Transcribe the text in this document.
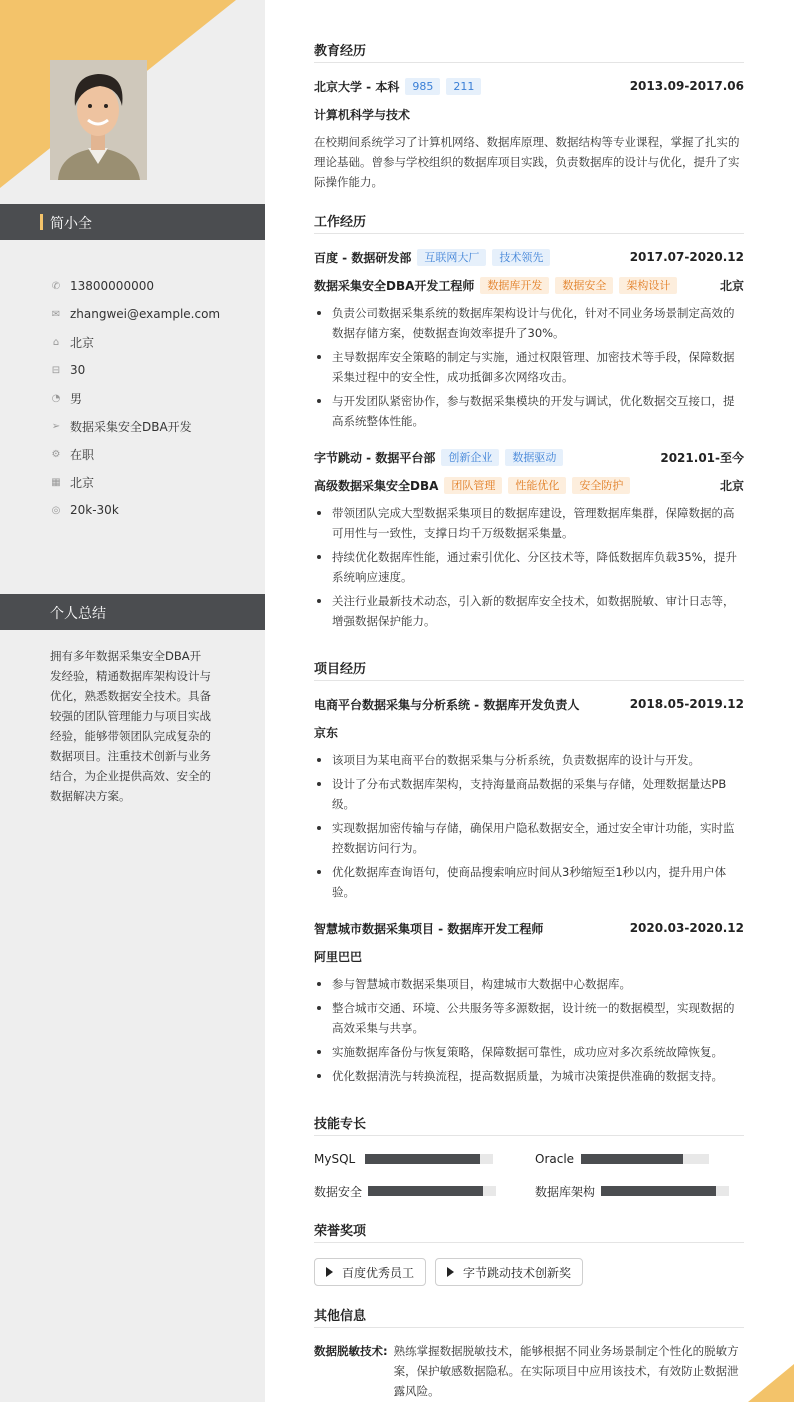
简小全
✆ 13800000000
✉ zhangwei@example.com
⌂ 北京
⊟ 30
◔ 男
➢ 数据采集安全DBA开发
⚙ 在职
▦ 北京
◎ 20k-30k
个人总结
拥有多年数据采集安全DBA开发经验，精通数据库架构设计与优化，熟悉数据安全技术。具备较强的团队管理能力与项目实战经验，能够带领团队完成复杂的数据项目。注重技术创新与业务结合，为企业提供高效、安全的数据解决方案。
教育经历
北京大学 - 本科	985	211	2013.09-2017.06
计算机科学与技术

在校期间系统学习了计算机网络、数据库原理、数据结构等专业课程，掌握了扎实的理论基础。曾参与学校组织的数据库项目实践，负责数据库的设计与优化，提升了实际操作能力。

工作经历
百度 - 数据研发部	互联网大厂	技术领先	2017.07-2020.12
数据采集安全DBA开发工程师	数据库开发	数据安全	架构设计	北京
负责公司数据采集系统的数据库架构设计与优化，针对不同业务场景制定高效的数据存储方案，使数据查询效率提升了30%。
主导数据库安全策略的制定与实施，通过权限管理、加密技术等手段，保障数据采集过程中的安全性，成功抵御多次网络攻击。
与开发团队紧密协作，参与数据采集模块的开发与调试，优化数据交互接口，提高系统整体性能。
字节跳动 - 数据平台部	创新企业	数据驱动	2021.01-至今
高级数据采集安全DBA	团队管理	性能优化	安全防护	北京
带领团队完成大型数据采集项目的数据库建设，管理数据库集群，保障数据的高可用性与一致性，支撑日均千万级数据采集量。
持续优化数据库性能，通过索引优化、分区技术等，降低数据库负载35%，提升系统响应速度。
关注行业最新技术动态，引入新的数据库安全技术，如数据脱敏、审计日志等，增强数据保护能力。
项目经历
电商平台数据采集与分析系统 - 数据库开发负责人	2018.05-2019.12
京东
该项目为某电商平台的数据采集与分析系统，负责数据库的设计与开发。
设计了分布式数据库架构，支持海量商品数据的采集与存储，处理数据量达PB级。
实现数据加密传输与存储，确保用户隐私数据安全，通过安全审计功能，实时监控数据访问行为。
优化数据库查询语句，使商品搜索响应时间从3秒缩短至1秒以内，提升用户体验。
智慧城市数据采集项目 - 数据库开发工程师	2020.03-2020.12
阿里巴巴
参与智慧城市数据采集项目，构建城市大数据中心数据库。
整合城市交通、环境、公共服务等多源数据，设计统一的数据模型，实现数据的高效采集与共享。
实施数据库备份与恢复策略，保障数据可靠性，成功应对多次系统故障恢复。
优化数据清洗与转换流程，提高数据质量，为城市决策提供准确的数据支持。
技能专长
MySQL	Oracle
数据安全	数据库架构
荣誉奖项
百度优秀员工	字节跳动技术创新奖
其他信息
数据脱敏技术: 熟练掌握数据脱敏技术，能够根据不同业务场景制定个性化的脱敏方案，保护敏感数据隐私。在实际项目中应用该技术，有效防止数据泄露风险。
